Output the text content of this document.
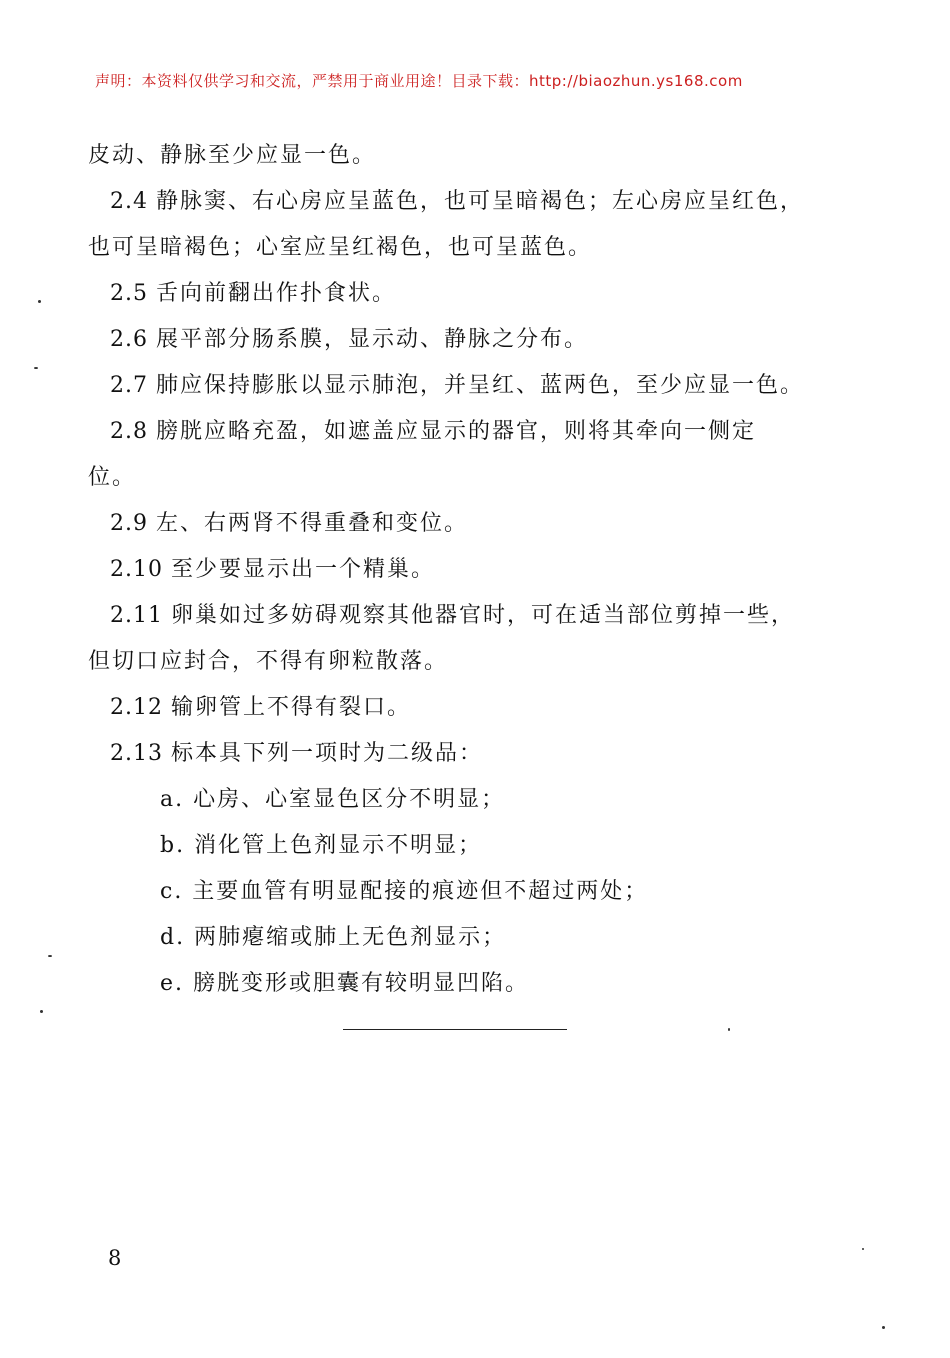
声明：本资料仅供学习和交流，严禁用于商业用途！目录下载：http://biaozhun.ys168.com

皮动、静脉至少应显一色。

2.4 静脉窦、右心房应呈蓝色，也可呈暗褐色；左心房应呈红色，

也可呈暗褐色；心室应呈红褐色，也可呈蓝色。

2.5 舌向前翻出作扑食状。

2.6 展平部分肠系膜，显示动、静脉之分布。

2.7 肺应保持膨胀以显示肺泡，并呈红、蓝两色，至少应显一色。

2.8 膀胱应略充盈，如遮盖应显示的器官，则将其牵向一侧定

位。

2.9 左、右两肾不得重叠和变位。

2.10 至少要显示出一个精巢。

2.11 卵巢如过多妨碍观察其他器官时，可在适当部位剪掉一些，

但切口应封合，不得有卵粒散落。

2.12 输卵管上不得有裂口。

2.13 标本具下列一项时为二级品：

a. 心房、心室显色区分不明显；

b. 消化管上色剂显示不明显；

c. 主要血管有明显配接的痕迹但不超过两处；

d. 两肺瘪缩或肺上无色剂显示；

e. 膀胱变形或胆囊有较明显凹陷。

8
